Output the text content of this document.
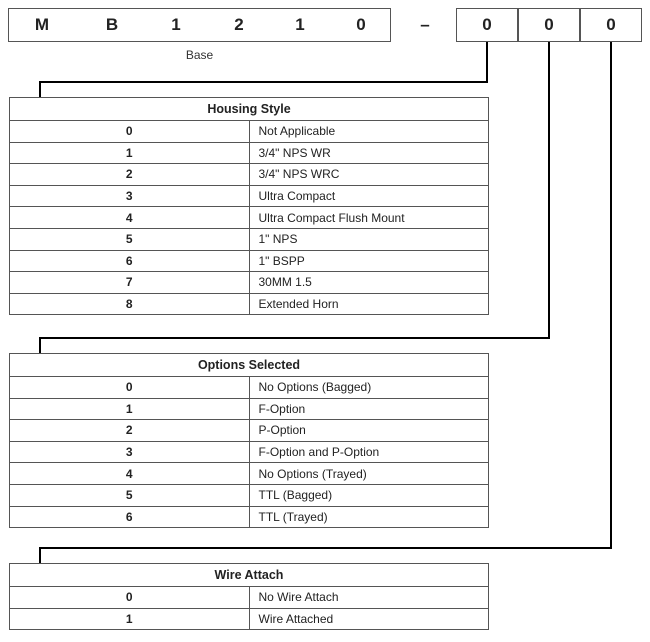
M	B	1	2	1	0
Base
–	0	0	0
Housing Style	
0	Not Applicable
1	3/4" NPS WR
2	3/4" NPS WRC
3	Ultra Compact
4	Ultra Compact Flush Mount
5	1" NPS
6	1" BSPP
7	30MM 1.5
8	Extended Horn
Options Selected	
0	No Options (Bagged)
1	F-Option
2	P-Option
3	F-Option and P-Option
4	No Options (Trayed)
5	TTL (Bagged)
6	TTL (Trayed)
Wire Attach	
0	No Wire Attach
1	Wire Attached
